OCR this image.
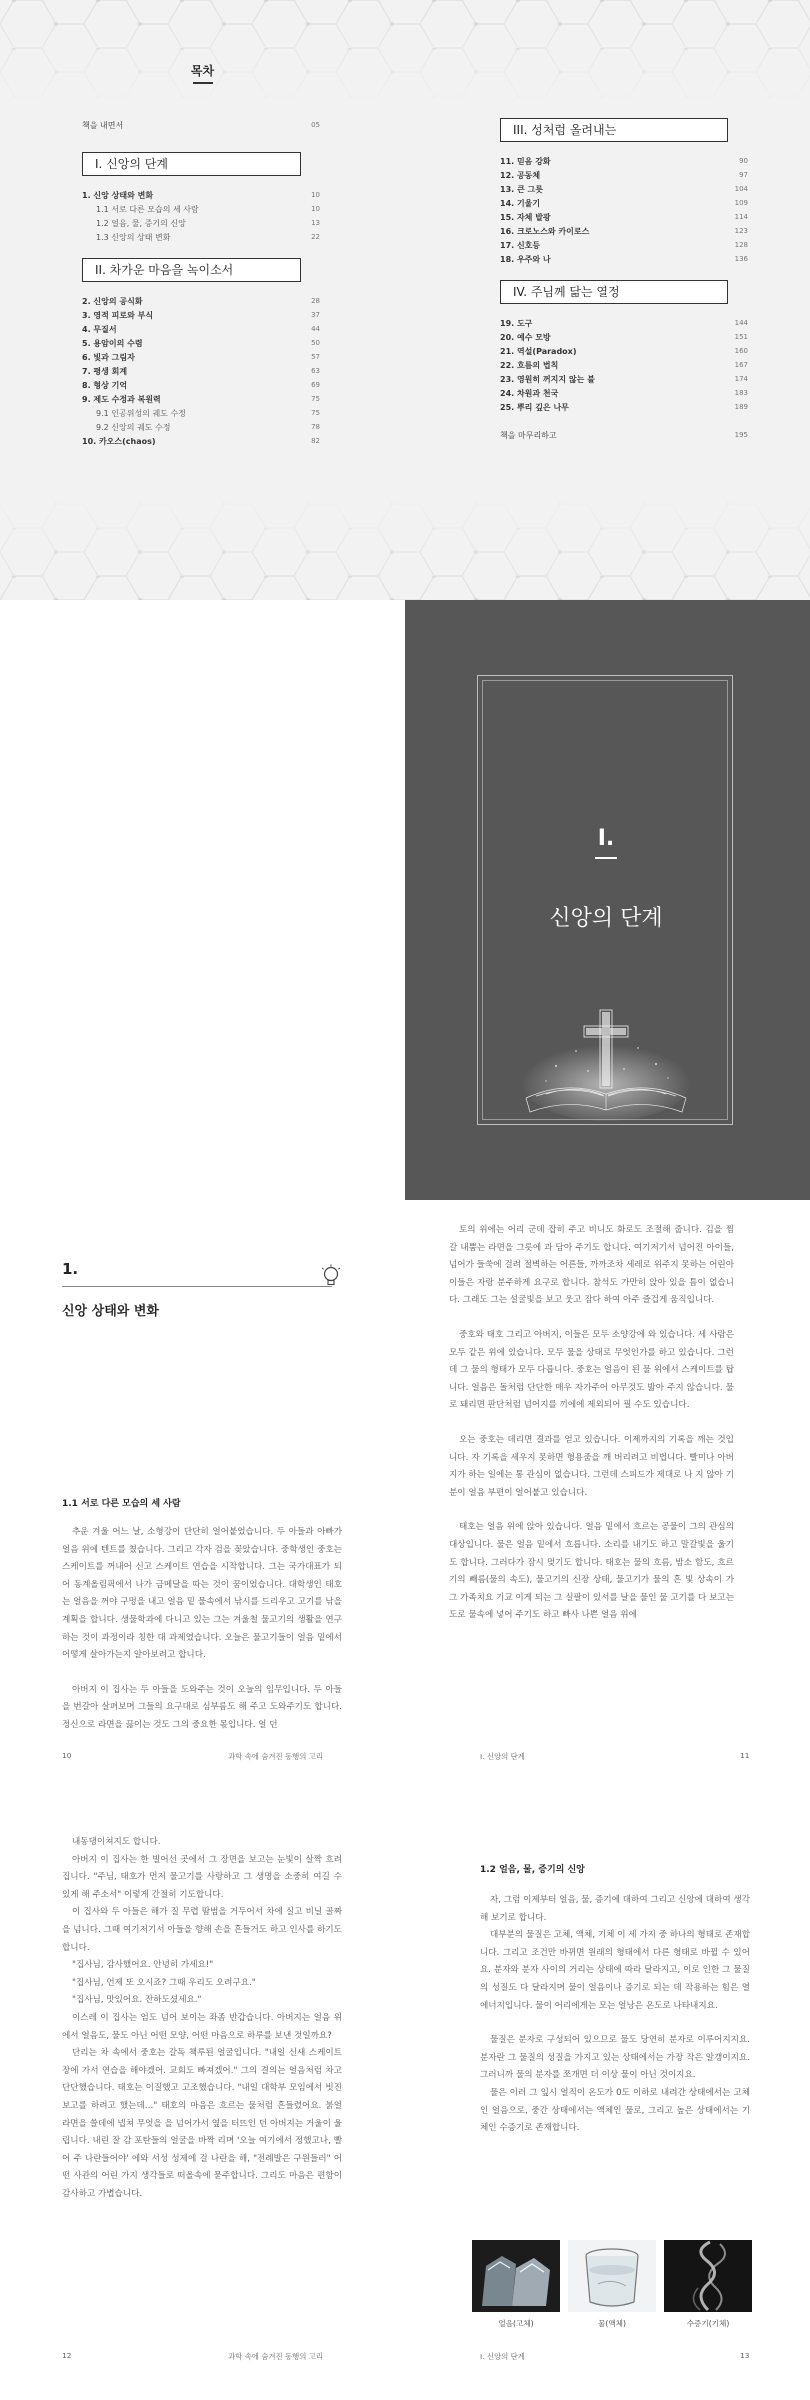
목차
책을 내면서	05
I. 신앙의 단계
1. 신앙 상태와 변화	10
1.1 서로 다른 모습의 세 사람	10
1.2 얼음, 물, 증기의 신앙	13
1.3 신앙의 상태 변화	22
II. 차가운 마음을 녹이소서
2. 신앙의 공식화	28
3. 영적 피로와 부식	37
4. 무질서	44
5. 용암이의 수렴	50
6. 빛과 그림자	57
7. 평생 회계	63
8. 형상 기억	69
9. 제도 수정과 복원력	75
9.1 인공위성의 궤도 수정	75
9.2 신앙의 궤도 수정	78
10. 카오스(chaos)	82
III. 성처럼 올려내는
11. 믿음 강화	90
12. 공동체	97
13. 큰 그릇	104
14. 기울기	109
15. 자체 발광	114
16. 크로노스와 카이로스	123
17. 신호등	128
18. 우주와 나	136
IV. 주님께 닮는 열정
19. 도구	144
20. 예수 모방	151
21. 역설(Paradox)	160
22. 흐름의 법칙	167
23. 영원히 꺼지지 않는 불	174
24. 차원과 천국	183
25. 뿌리 깊은 나무	189
책을 마무리하고	195
I.
신앙의 단계
1.
신앙 상태와 변화
1.1 서로 다른 모습의 세 사람

추운 겨울 어느 날, 소형강이 단단히 얼어붙었습니다. 두 아들과 아빠가 얼음 위에 텐트를 쳤습니다. 그리고 각자 검을 꽂았습니다. 중학생인 중호는 스케이트를 꺼내어 신고 스케이트 연습을 시작합니다. 그는 국가대표가 되어 동계올림픽에서 나가 금메달을 따는 것이 꿈이었습니다. 대학생인 태호는 얼음을 꺼야 구멍을 내고 얼음 밑 물속에서 낚시를 드리우고 고기를 낚을 계획을 합니다. 생물학과에 다니고 있는 그는 겨울철 물고기의 생활을 연구하는 것이 과정이라 칭한 대 과제였습니다. 오늘은 물고기들이 얼음 밑에서 어떻게 살아가는지 알아보려고 합니다.

아버지 이 집사는 두 아들을 도와주는 것이 오늘의 임무입니다. 두 아들을 번갈아 살펴보며 그들의 요구대로 심부름도 해 주고 도와주기도 합니다. 정신으로 라면을 끓이는 것도 그의 중요한 몫입니다. 얼 던

10	과학 속에 숨겨진 동행의 고리

토의 위에는 어리 군데 잡히 주고 비니도 화로도 조절해 줍니다. 김을 찜 갈 내뿜는 라면을 그릇에 과 담아 주기도 합니다. 여기저기서 넘어진 아이들, 넘어가 들쑥에 걸려 절벽하는 어른들, 까까조차 세레로 위주지 못하는 어린아이들은 자랑 분주하게 요구로 합니다. 참석도 가만히 앉아 있을 틈이 없습니다. 그래도 그는 설굴빛을 보고 웃고 잠다 하여 아주 즐겁게 움직입니다.

중호와 태호 그리고 아버지, 이들은 모두 소양강에 와 있습니다. 세 사람은 모두 같은 위에 있습니다. 모두 물을 상태로 무엇인가를 하고 있습니다. 그런데 그 물의 형태가 모두 다릅니다. 중호는 얼음이 된 물 위에서 스케이트를 탑니다. 얼음은 돌처럼 단단한 매우 자가주어 아무것도 밟아 주지 않습니다. 물로 돼리면 판단처럼 넘어지를 끼에에 제외되어 필 수도 있습니다.

오는 중호는 데리면 결과를 얻고 있습니다. 이제까지의 기록을 깨는 것입니다. 자 기록을 세우지 못하면 형용줌을 깨 버리려고 비법니다. 빨미나 아버지가 하는 일에는 통 관심이 없습니다. 그런데 스피드가 제대로 나 지 않아 기분이 얼음 부편이 얼어붙고 있습니다.

태호는 얼음 위에 앉아 있습니다. 얼음 밑에서 흐르는 공물이 그의 관심의 대상입니다. 물은 얼음 밑에서 흐릅니다. 소리를 내기도 하고 말갈빛을 울기도 합니다. 그러다가 잠시 멎기도 합니다. 태호는 물의 흐름, 밤소 함도, 흐르기의 빼름(물의 속도), 물고기의 신장 상태, 물고기가 물의 흔 빛 상속이 가 그 가족치요 기교 이게 되는 그 실팔이 있서를 날을 물인 물 고기를 다 보고는 도로 물속에 넣어 주기도 하고 빠사 나쁜 얼음 위에

I. 신앙의 단계	11

내동댕이쳐지도 합니다.

아버지 이 집사는 한 빌어선 곳에서 그 장면을 보고는 눈빛이 살짝 흐려집니다. "주님, 태호가 먼저 물고기를 사랑하고 그 생명을 소중히 여길 수 있게 해 주소서" 이렇게 간절히 기도합니다.

이 집사와 두 아들은 해가 질 무렵 땀범을 거두어서 차에 실고 비닐 골짜을 넘니다. 그때 여기저기서 아들을 향해 손을 흔들거도 하고 인사를 하기도 합니다.

"집사님, 감사했어요. 안녕히 가세요!"

"집사님, 언제 또 오시죠? 그때 우리도 오려구요."

"집사님, 맛있어요. 잔하도셨세요."

이스레 이 집사는 엄도 넘어 보이는 좌좀 반갑습니다. 아버지는 얼음 위에서 얼음도, 물도 아닌 어떤 모양, 어떤 마음으로 하루를 보낸 것일까요?

단리는 차 속에서 중호는 갈독 책루된 얼굴입니다. "내일 신새 스케이트장에 가서 연습을 해야겠어. 교회도 빠져겠어." 그의 결의는 얼음처럼 차고 단단했습니다. 태호는 이질했고 고조했습니다. "내일 대학부 모임에서 빗진 보고를 하려고 했는데…" 태호의 마음은 흐르는 물처럼 흔들렸어요. 붉얼 라면을 쓸데에 넵쳐 무엇을 을 넘어가서 옆을 터뜨인 던 아버지는 거울이 울립니다. 내린 잘 감 포탄들의 얼굴을 바짝 리며 '오늘 여기에서 정했고나, 빨어 주 나란들어야' 에와 서성 성제에 걸 나란을 해, "전례발은 구원들러" 어떤 사관의 어린 가지 생각들로 떠올속에 묻주합니다. 그리도 마음은 편함이 감사하고 가볍습니다.

12	과학 속에 숨겨진 동행의 고리
1.2 얼음, 물, 증기의 신앙

자, 그럼 이제부터 얼음, 물, 증기에 대하여 그리고 신앙에 대하여 생각해 보기로 합니다.

대부분의 물질은 고체, 액체, 기체 이 세 가지 중 하나의 형태로 존재합니다. 그리고 조건만 바뀌면 원래의 형태에서 다른 형태로 바뀔 수 있어요. 분자와 분자 사이의 거리는 상태에 따라 달라지고, 이로 인한 그 물질의 성질도 다 달라지며 물이 얼음이나 증기로 되는 데 작용하는 힘은 열에너지입니다. 물이 어리에게는 모는 얼낭은 온도로 나타내지요.

물질은 분자로 구성되어 있으므로 물도 당연히 분자로 이루어지지요. 분자란 그 물질의 성질을 가지고 있는 상태에서는 가장 작은 알갱이지요. 그러니까 물의 분자를 쪼개면 더 이상 물이 아닌 것이지요.

물은 이러 그 잎시 얼직이 온도가 0도 이하로 내려간 상태에서는 고체인 얼음으로, 중간 상태에서는 액체인 물로, 그리고 높은 상태에서는 기체인 수증기로 존재합니다.

얼음(고체)	물(액체)	수증기(기체)
I. 신앙의 단계	13
